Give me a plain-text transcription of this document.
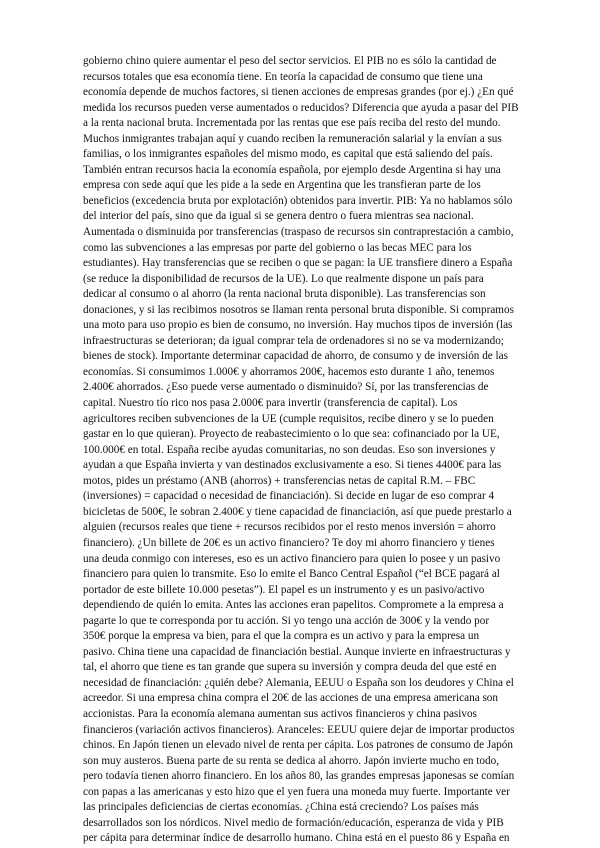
gobierno chino quiere aumentar el peso del sector servicios. El PIB no es sólo la cantidad de
recursos totales que esa economía tiene. En teoría la capacidad de consumo que tiene una
economía depende de muchos factores, si tienen acciones de empresas grandes (por ej.) ¿En qué
medida los recursos pueden verse aumentados o reducidos? Diferencia que ayuda a pasar del PIB
a la renta nacional bruta. Incrementada por las rentas que ese país reciba del resto del mundo.
Muchos inmigrantes trabajan aquí y cuando reciben la remuneración salarial y la envían a sus
familias, o los inmigrantes españoles del mismo modo, es capital que está saliendo del país.
También entran recursos hacia la economía española, por ejemplo desde Argentina si hay una
empresa con sede aquí que les pide a la sede en Argentina que les transfieran parte de los
beneficios (excedencia bruta por explotación) obtenidos para invertir. PIB: Ya no hablamos sólo
del interior del país, sino que da igual si se genera dentro o fuera mientras sea nacional.
Aumentada o disminuida por transferencias (traspaso de recursos sin contraprestación a cambio,
como las subvenciones a las empresas por parte del gobierno o las becas MEC para los
estudiantes). Hay transferencias que se reciben o que se pagan: la UE transfiere dinero a España
(se reduce la disponibilidad de recursos de la UE). Lo que realmente dispone un país para
dedicar al consumo o al ahorro (la renta nacional bruta disponible). Las transferencias son
donaciones, y si las recibimos nosotros se llaman renta personal bruta disponible. Si compramos
una moto para uso propio es bien de consumo, no inversión. Hay muchos tipos de inversión (las
infraestructuras se deterioran; da igual comprar tela de ordenadores si no se va modernizando;
bienes de stock). Importante determinar capacidad de ahorro, de consumo y de inversión de las
economías. Si consumimos 1.000€ y ahorramos 200€, hacemos esto durante 1 año, tenemos
2.400€ ahorrados. ¿Eso puede verse aumentado o disminuido? Sí, por las transferencias de
capital. Nuestro tío rico nos pasa 2.000€ para invertir (transferencia de capital). Los
agricultores reciben subvenciones de la UE (cumple requisitos, recibe dinero y se lo pueden
gastar en lo que quieran). Proyecto de reabastecimiento o lo que sea: cofinanciado por la UE,
100.000€ en total. España recibe ayudas comunitarias, no son deudas. Eso son inversiones y
ayudan a que España invierta y van destinados exclusivamente a eso. Si tienes 4400€ para las
motos, pides un préstamo (ANB (ahorros) + transferencias netas de capital R.M. – FBC
(inversiones) = capacidad o necesidad de financiación). Si decide en lugar de eso comprar 4
bicicletas de 500€, le sobran 2.400€ y tiene capacidad de financiación, así que puede prestarlo a
alguien (recursos reales que tiene + recursos recibidos por el resto menos inversión = ahorro
financiero). ¿Un billete de 20€ es un activo financiero? Te doy mi ahorro financiero y tienes
una deuda conmigo con intereses, eso es un activo financiero para quien lo posee y un pasivo
financiero para quien lo transmite. Eso lo emite el Banco Central Español (“el BCE pagará al
portador de este billete 10.000 pesetas”). El papel es un instrumento y es un pasivo/activo
dependiendo de quién lo emita. Antes las acciones eran papelitos. Compromete a la empresa a
pagarte lo que te corresponda por tu acción. Si yo tengo una acción de 300€ y la vendo por
350€ porque la empresa va bien, para el que la compra es un activo y para la empresa un
pasivo. China tiene una capacidad de financiación bestial. Aunque invierte en infraestructuras y
tal, el ahorro que tiene es tan grande que supera su inversión y compra deuda del que esté en
necesidad de financiación: ¿quién debe? Alemania, EEUU o España son los deudores y China el
acreedor. Si una empresa china compra el 20€ de las acciones de una empresa americana son
accionistas. Para la economía alemana aumentan sus activos financieros y china pasivos
financieros (variación activos financieros). Aranceles: EEUU quiere dejar de importar productos
chinos. En Japón tienen un elevado nivel de renta per cápita. Los patrones de consumo de Japón
son muy austeros. Buena parte de su renta se dedica al ahorro. Japón invierte mucho en todo,
pero todavía tienen ahorro financiero. En los años 80, las grandes empresas japonesas se comían
con papas a las americanas y esto hizo que el yen fuera una moneda muy fuerte. Importante ver
las principales deficiencias de ciertas economías. ¿China está creciendo? Los países más
desarrollados son los nórdicos. Nivel medio de formación/educación, esperanza de vida y PIB
per cápita para determinar índice de desarrollo humano. China está en el puesto 86 y España en
